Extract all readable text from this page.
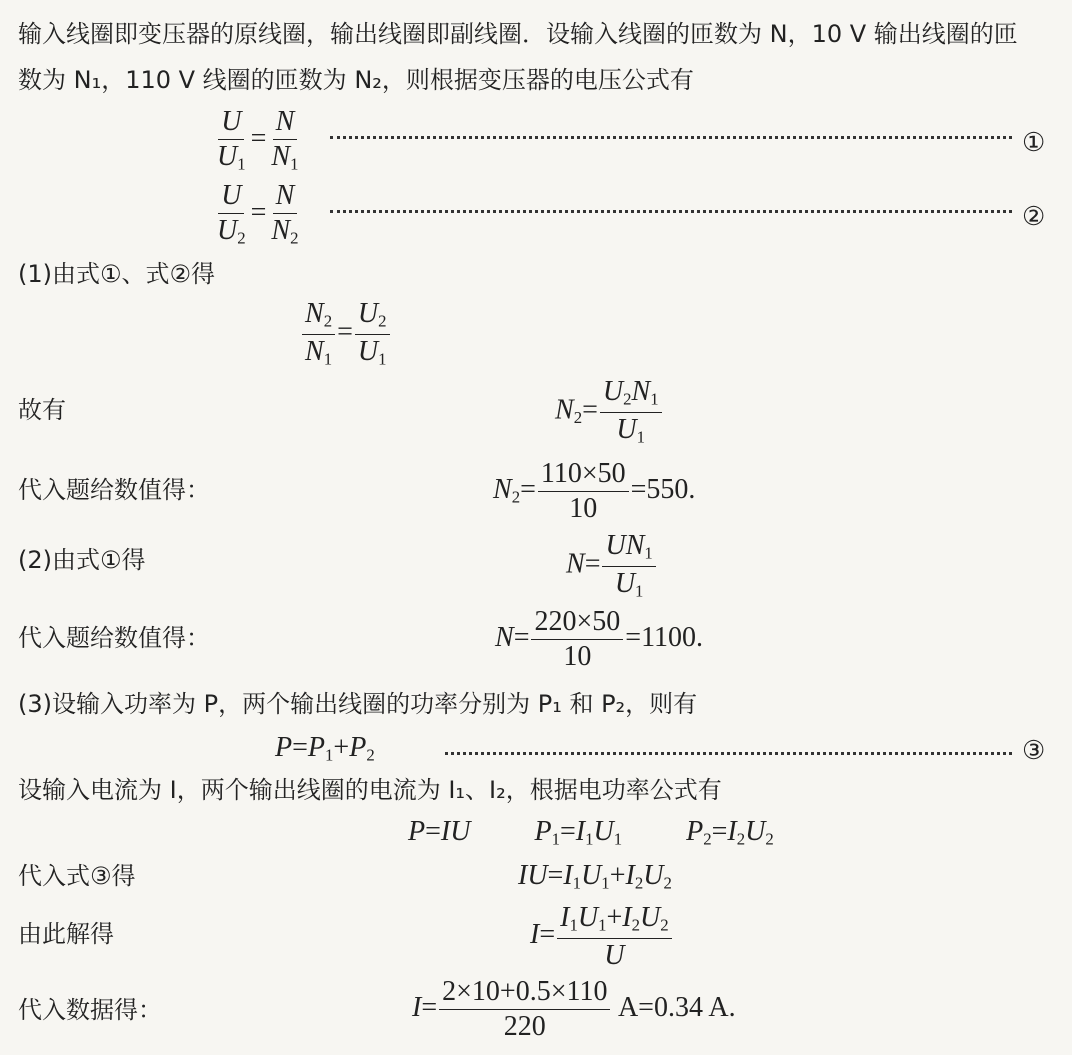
输入线圈即变压器的原线圈，输出线圈即副线圈．设输入线圈的匝数为 N，10 V 输出线圈的匝
数为 N₁，110 V 线圈的匝数为 N₂，则根据变压器的电压公式有
$\frac{U}{U_1} = \frac{N}{N_1}$	①
$\frac{U}{U_2} = \frac{N}{N_2}$	②
(1)由式①、式②得
$\frac{N_2}{N_1} = \frac{U_2}{U_1}$
故有	$N_2= \frac{U_2N_1}{U_1}$
代入题给数值得：	$N_2= \frac{110\times 50}{10} =550$.
(2)由式①得	$N= \frac{UN_1}{U_1}$
代入题给数值得：	$N= \frac{220\times 50}{10} =1100$.
(3)设输入功率为 P，两个输出线圈的功率分别为 P₁ 和 P₂，则有
$P=P_1+P_2$	③
设输入电流为 I，两个输出线圈的电流为 I₁、I₂，根据电功率公式有
P=IU $P_1=I_1U_1$ $P_2=I_2U_2$
代入式③得	$IU=I_1U_1+I_2U_2$
由此解得	$I= \frac{I_1U_1+I_2U_2}{U}$
代入数据得：	$I= \frac{2\times 10+0.5\times 110}{220} A=0.34$ A.
